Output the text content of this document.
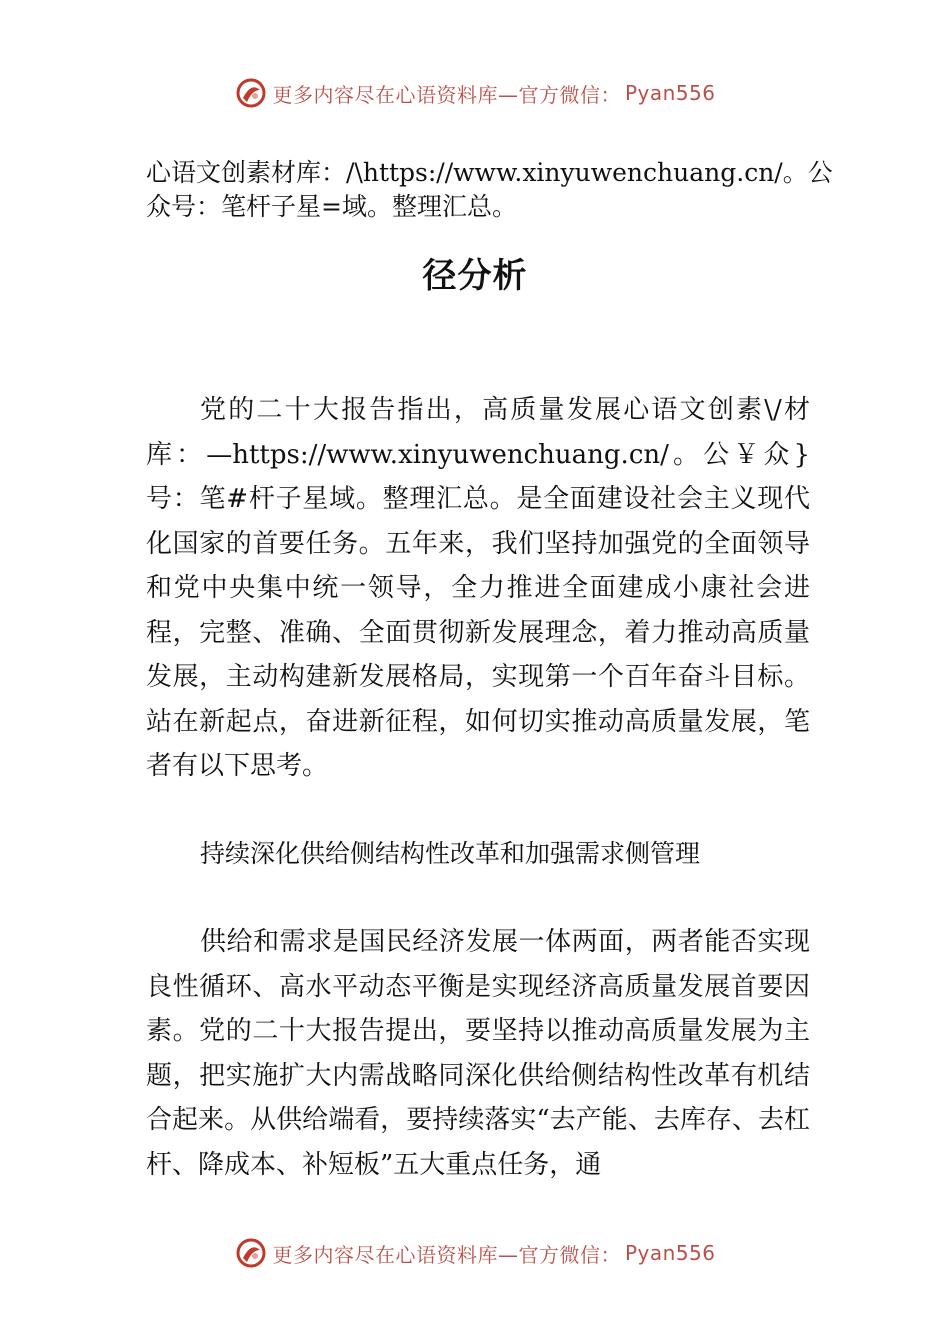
更多内容尽在心语资料库—官方微信： Pyan556
心语文创素材库：/\https://www.xinyuwenchuang.cn/。公众号：笔杆子星=域。整理汇总。
径分析
党的二十大报告指出，高质量发展心语文创素\/材库：—https://www.xinyuwenchuang.cn/。公￥众}号：笔#杆子星域。整理汇总。是全面建设社会主义现代化国家的首要任务。五年来，我们坚持加强党的全面领导和党中央集中统一领导，全力推进全面建成小康社会进程，完整、准确、全面贯彻新发展理念，着力推动高质量发展，主动构建新发展格局，实现第一个百年奋斗目标。站在新起点，奋进新征程，如何切实推动高质量发展，笔者有以下思考。
持续深化供给侧结构性改革和加强需求侧管理
供给和需求是国民经济发展一体两面，两者能否实现良性循环、高水平动态平衡是实现经济高质量发展首要因素。党的二十大报告提出，要坚持以推动高质量发展为主题，把实施扩大内需战略同深化供给侧结构性改革有机结合起来。从供给端看，要持续落实“去产能、去库存、去杠杆、降成本、补短板”五大重点任务，通
更多内容尽在心语资料库—官方微信： Pyan556
